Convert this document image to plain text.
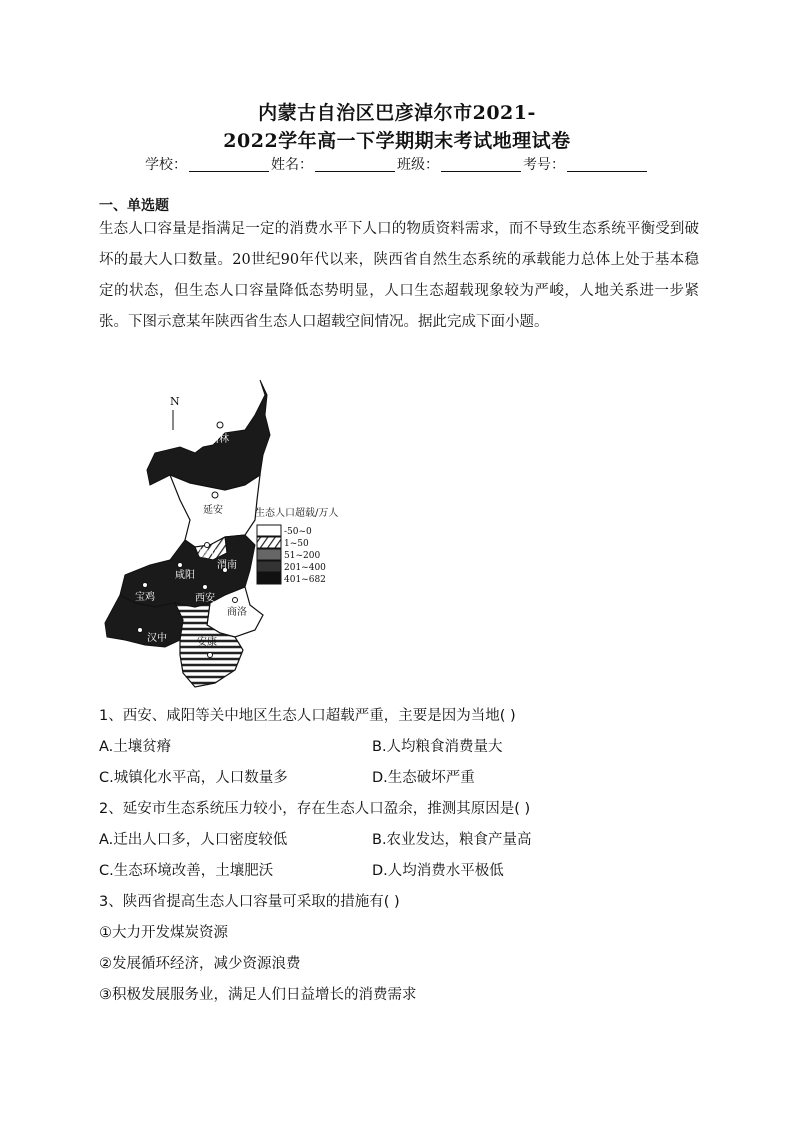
内蒙古自治区巴彦淖尔市2021-
2022学年高一下学期期末考试地理试卷
学校：	姓名：	班级：	考号：
一、单选题
生态人口容量是指满足一定的消费水平下人口的物质资料需求，而不导致生态系统平衡受到破坏的最大人口数量。20世纪90年代以来，陕西省自然生态系统的承载能力总体上处于基本稳定的状态，但生态人口容量降低态势明显，人口生态超载现象较为严峻，人地关系进一步紧张。下图示意某年陕西省生态人口超载空间情况。据此完成下面小题。
N
榆林
延安
铜川
渭南
咸阳
宝鸡	西安
商洛
汉中	安康
生态人口超载/万人
-50~0
1~50
51~200
201~400
401~682
1、西安、咸阳等关中地区生态人口超载严重，主要是因为当地( )
A.土壤贫瘠	B.人均粮食消费量大
C.城镇化水平高，人口数量多	D.生态破坏严重
2、延安市生态系统压力较小，存在生态人口盈余，推测其原因是( )
A.迁出人口多，人口密度较低	B.农业发达，粮食产量高
C.生态环境改善，土壤肥沃	D.人均消费水平极低
3、陕西省提高生态人口容量可采取的措施有( )
①大力开发煤炭资源
②发展循环经济，减少资源浪费
③积极发展服务业，满足人们日益增长的消费需求
